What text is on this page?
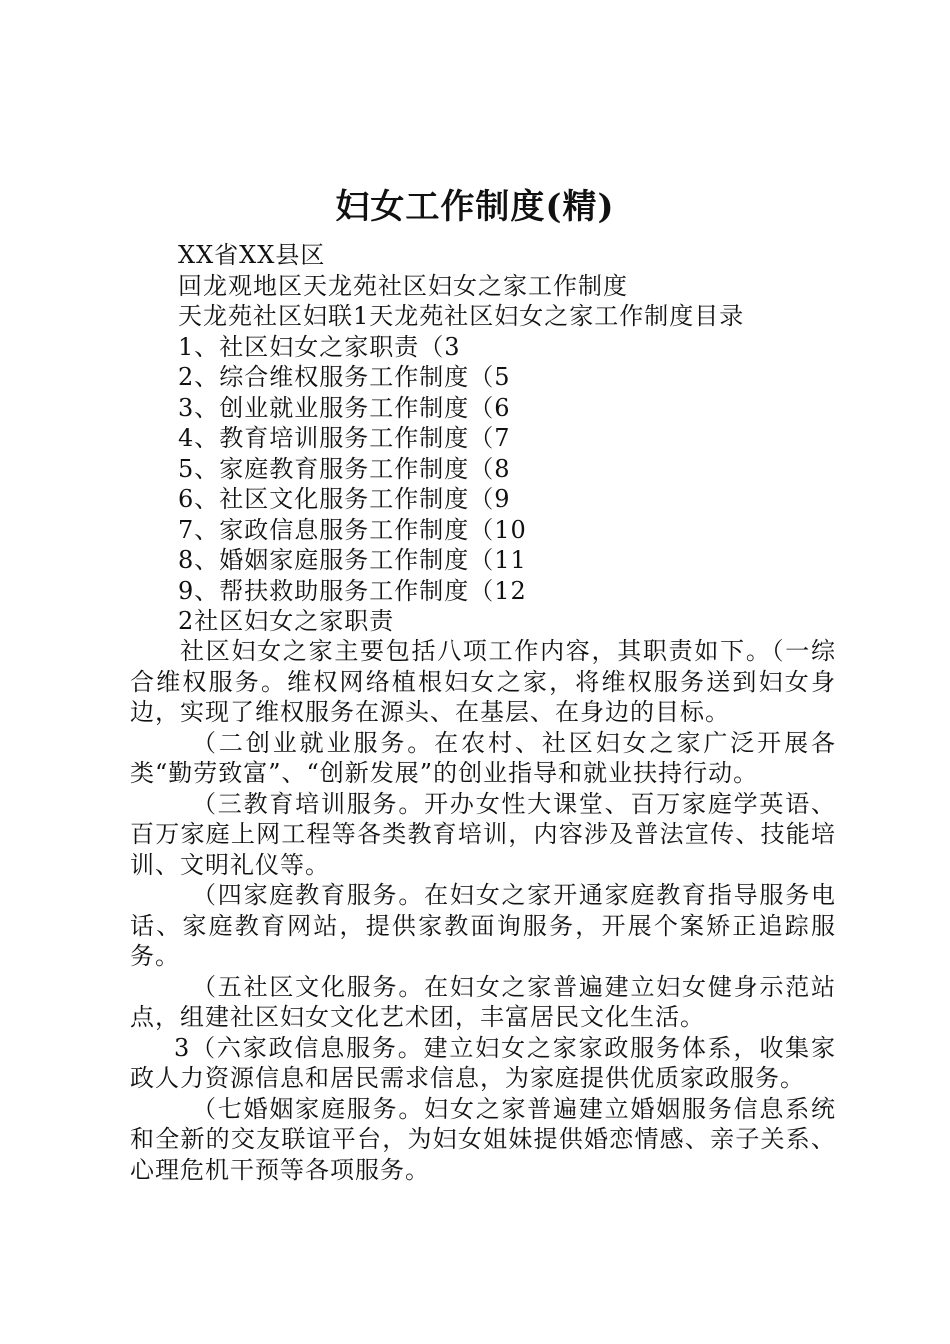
妇女工作制度(精)
XX省XX县区
回龙观地区天龙苑社区妇女之家工作制度
天龙苑社区妇联1天龙苑社区妇女之家工作制度目录
1、社区妇女之家职责（3
2、综合维权服务工作制度（5
3、创业就业服务工作制度（6
4、教育培训服务工作制度（7
5、家庭教育服务工作制度（8
6、社区文化服务工作制度（9
7、家政信息服务工作制度（10
8、婚姻家庭服务工作制度（11
9、帮扶救助服务工作制度（12
2社区妇女之家职责

社区妇女之家主要包括八项工作内容，其职责如下。（一综合维权服务。维权网络植根妇女之家，将维权服务送到妇女身边，实现了维权服务在源头、在基层、在身边的目标。

（二创业就业服务。在农村、社区妇女之家广泛开展各类“勤劳致富”、“创新发展”的创业指导和就业扶持行动。

（三教育培训服务。开办女性大课堂、百万家庭学英语、百万家庭上网工程等各类教育培训，内容涉及普法宣传、技能培训、文明礼仪等。

（四家庭教育服务。在妇女之家开通家庭教育指导服务电话、家庭教育网站，提供家教面询服务，开展个案矫正追踪服务。

（五社区文化服务。在妇女之家普遍建立妇女健身示范站点，组建社区妇女文化艺术团，丰富居民文化生活。

3（六家政信息服务。建立妇女之家家政服务体系，收集家政人力资源信息和居民需求信息，为家庭提供优质家政服务。

（七婚姻家庭服务。妇女之家普遍建立婚姻服务信息系统和全新的交友联谊平台，为妇女姐妹提供婚恋情感、亲子关系、心理危机干预等各项服务。
